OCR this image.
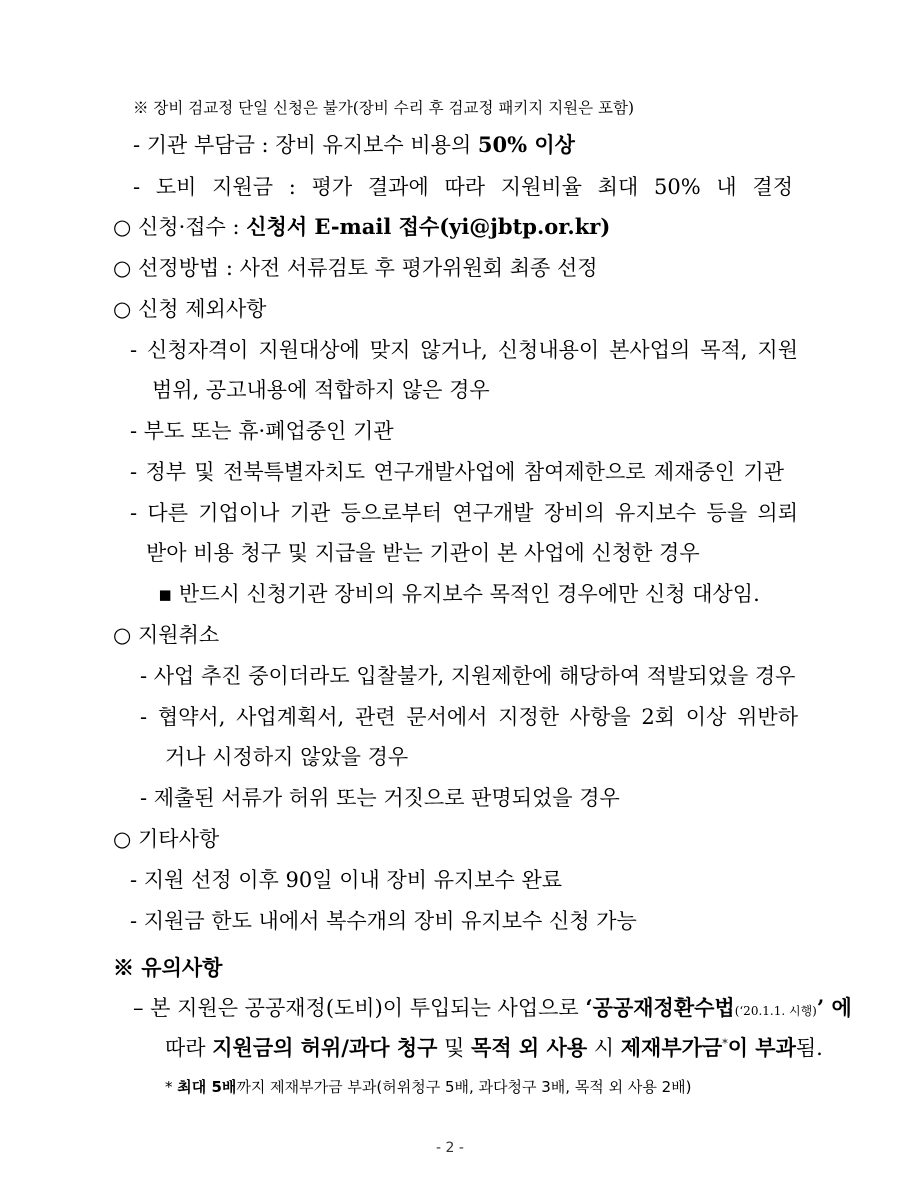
※ 장비 검교정 단일 신청은 불가(장비 수리 후 검교정 패키지 지원은 포함)
- 기관 부담금 : 장비 유지보수 비용의 50% 이상
- 도비 지원금 : 평가 결과에 따라 지원비율 최대 50% 내 결정
○ 신청·접수 : 신청서 E-mail 접수(yi@jbtp.or.kr)
○ 선정방법 : 사전 서류검토 후 평가위원회 최종 선정
○ 신청 제외사항
- 신청자격이 지원대상에 맞지 않거나, 신청내용이 본사업의 목적, 지원
범위, 공고내용에 적합하지 않은 경우
- 부도 또는 휴·폐업중인 기관
- 정부 및 전북특별자치도 연구개발사업에 참여제한으로 제재중인 기관
- 다른 기업이나 기관 등으로부터 연구개발 장비의 유지보수 등을 의뢰
받아 비용 청구 및 지급을 받는 기관이 본 사업에 신청한 경우
▪ 반드시 신청기관 장비의 유지보수 목적인 경우에만 신청 대상임.
○ 지원취소
- 사업 추진 중이더라도 입찰불가, 지원제한에 해당하여 적발되었을 경우
- 협약서, 사업계획서, 관련 문서에서 지정한 사항을 2회 이상 위반하
거나 시정하지 않았을 경우
- 제출된 서류가 허위 또는 거짓으로 판명되었을 경우
○ 기타사항
- 지원 선정 이후 90일 이내 장비 유지보수 완료
- 지원금 한도 내에서 복수개의 장비 유지보수 신청 가능
※ 유의사항
– 본 지원은 공공재정(도비)이 투입되는 사업으로 ‘공공재정환수법(‘20.1.1. 시행)’ 에
따라 지원금의 허위/과다 청구 및 목적 외 사용 시 제재부가금*이 부과됨.
* 최대 5배까지 제재부가금 부과(허위청구 5배, 과다청구 3배, 목적 외 사용 2배)
- 2 -
